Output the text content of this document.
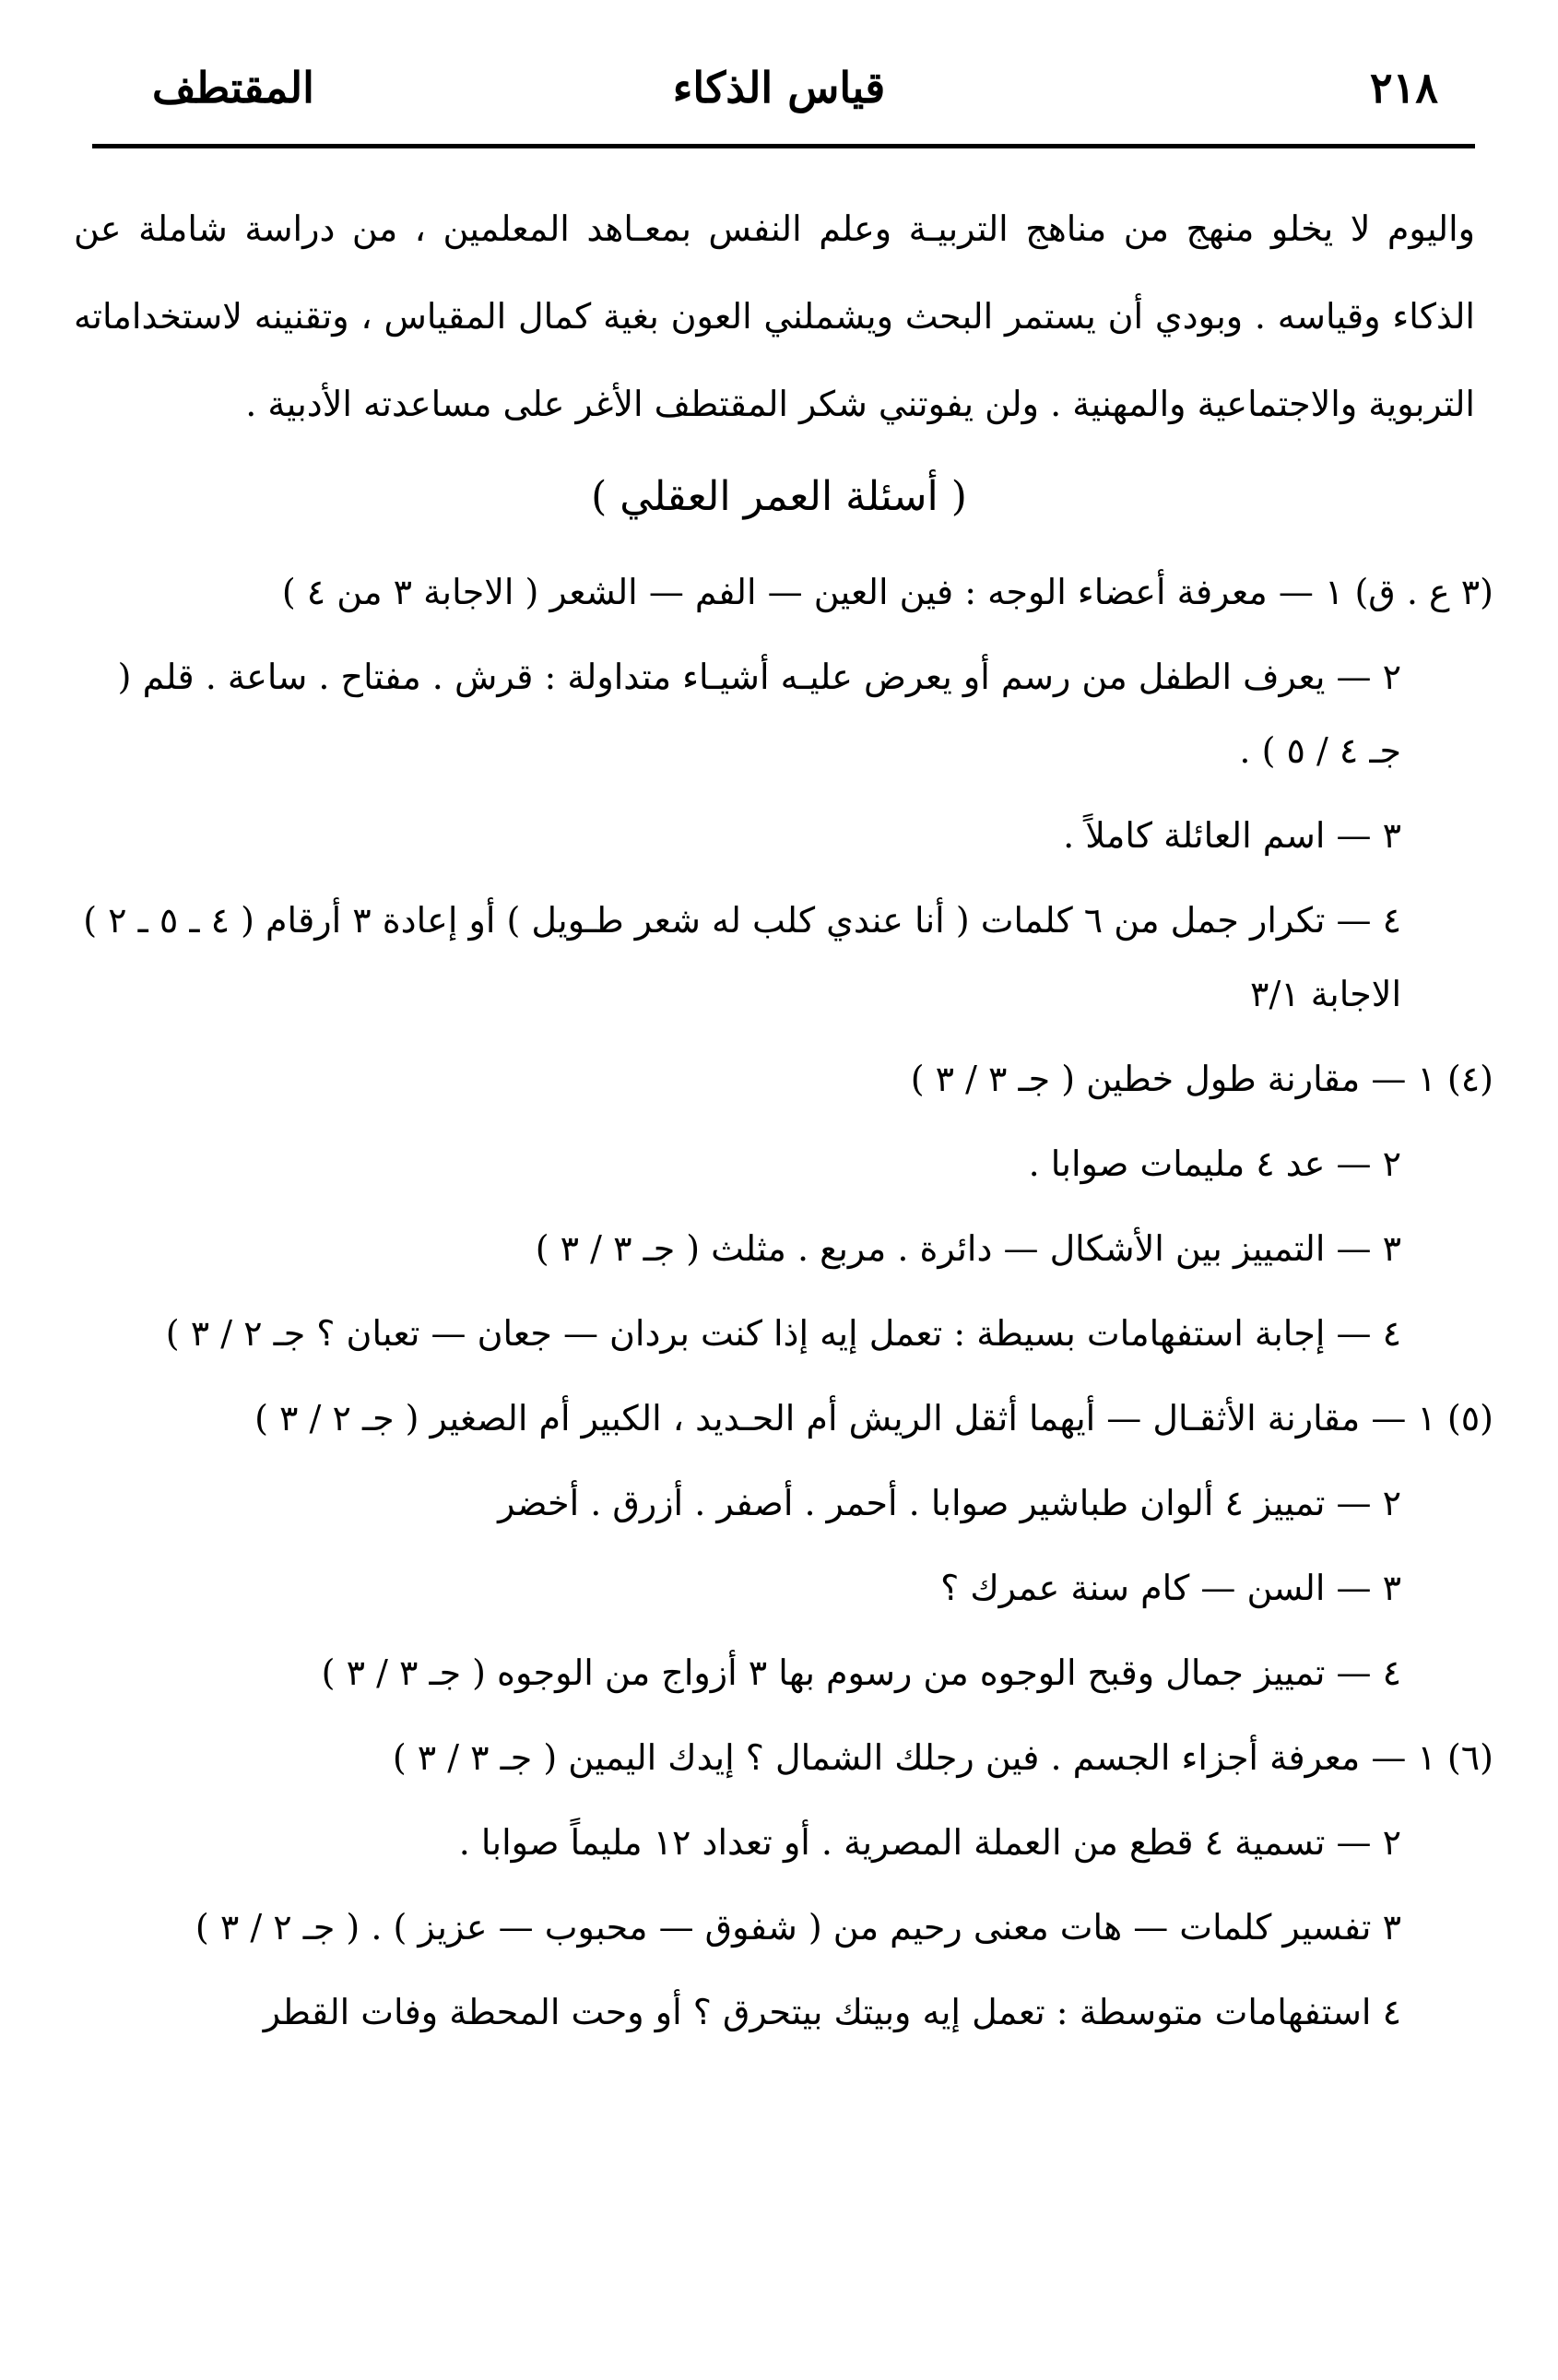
المقتطف	قياس الذكاء	٢١٨

واليوم لا يخلو منهج من مناهج التربيـة وعلم النفس بمعـاهد المعلمين ، من دراسة شاملة عن الذكاء وقياسه . وبودي أن يستمر البحث ويشملني العون بغية كمال المقياس ، وتقنينه لاستخداماته التربوية والاجتماعية والمهنية . ولن يفوتني شكر المقتطف الأغر على مساعدته الأدبية .

( أسئلة العمر العقلي )
(٣ ع . ق) ١ — معرفة أعضاء الوجه : فين العين — الفم — الشعر ( الاجابة ٣ من ٤ )
٢ — يعرف الطفل من رسم أو يعرض عليـه أشيـاء متداولة : قرش . مفتاح . ساعة . قلم ( جـ ٤ / ٥ ) .
٣ — اسم العائلة كاملاً .
٤ — تكرار جمل من ٦ كلمات ( أنا عندي كلب له شعر طـويل ) أو إعادة ٣ أرقام ( ٤ ـ ٥ ـ ٢ ) الاجابة ٣/١
(٤) ١ — مقارنة طول خطين ( جـ ٣ / ٣ )
٢ — عد ٤ مليمات صوابا .
٣ — التمييز بين الأشكال — دائرة . مربع . مثلث ( جـ ٣ / ٣ )
٤ — إجابة استفهامات بسيطة : تعمل إيه إذا كنت بردان — جعان — تعبان ؟ جـ ٢ / ٣ )
(٥) ١ — مقارنة الأثقـال — أيهما أثقل الريش أم الحـديد ، الكبير أم الصغير ( جـ ٢ / ٣ )
٢ — تمييز ٤ ألوان طباشير صوابا . أحمر . أصفر . أزرق . أخضر
٣ — السن — كام سنة عمرك ؟
٤ — تمييز جمال وقبح الوجوه من رسوم بها ٣ أزواج من الوجوه ( جـ ٣ / ٣ )
(٦) ١ — معرفة أجزاء الجسم . فين رجلك الشمال ؟ إيدك اليمين ( جـ ٣ / ٣ )
٢ — تسمية ٤ قطع من العملة المصرية . أو تعداد ١٢ مليماً صوابا .
٣ تفسير كلمات — هات معنى رحيم من ( شفوق — محبوب — عزيز ) . ( جـ ٢ / ٣ )
٤ استفهامات متوسطة : تعمل إيه وبيتك بيتحرق ؟ أو وحت المحطة وفات القطر
